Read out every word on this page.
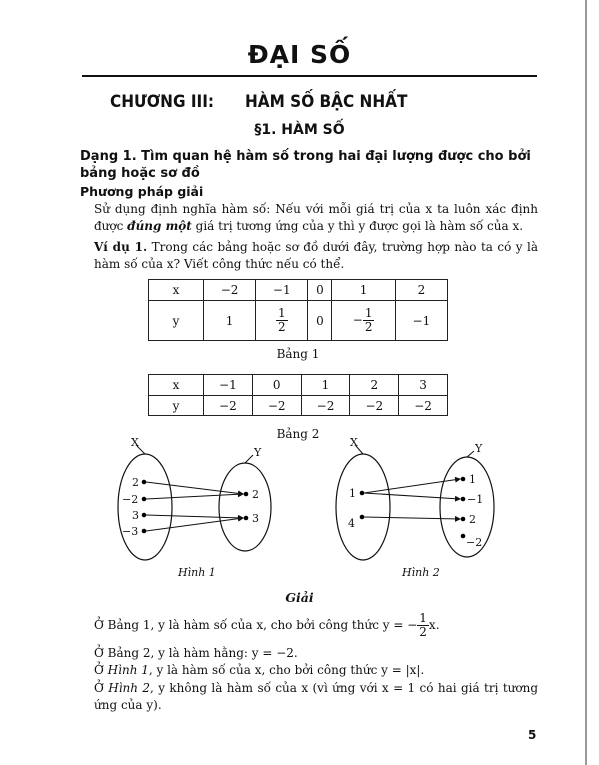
ĐẠI SỐ
CHƯƠNG III: HÀM SỐ BẬC NHẤT
§1. HÀM SỐ
Dạng 1. Tìm quan hệ hàm số trong hai đại lượng được cho bởi bảng hoặc sơ đồ
Phương pháp giải
Sử dụng định nghĩa hàm số: Nếu với mỗi giá trị của x ta luôn xác định được đúng một giá trị tương ứng của y thì y được gọi là hàm số của x.
Ví dụ 1. Trong các bảng hoặc sơ đồ dưới đây, trường hợp nào ta có y là hàm số của x? Viết công thức nếu có thể.
x	−2	−1	0	1	2
y	1	$\frac{1}{2}$	0	− $\frac{1}{2}$	−1
Bảng 1
x	−1	0	1	2	3
y	−2	−2	−2	−2	−2
Bảng 2
X
Y
2
−2
3
−3
2
3
Hình 1
X	Y
1
4
1
−1
2
−2
Hình 2
Giải
Ở Bảng 1, y là hàm số của x, cho bởi công thức y = − $\frac{1}{2} x$.
Ở Bảng 2, y là hàm hằng: y = −2.
Ở Hình 1, y là hàm số của x, cho bởi công thức y = |x|.
Ở Hình 2, y không là hàm số của x (vì ứng với x = 1 có hai giá trị tương ứng của y).
5
